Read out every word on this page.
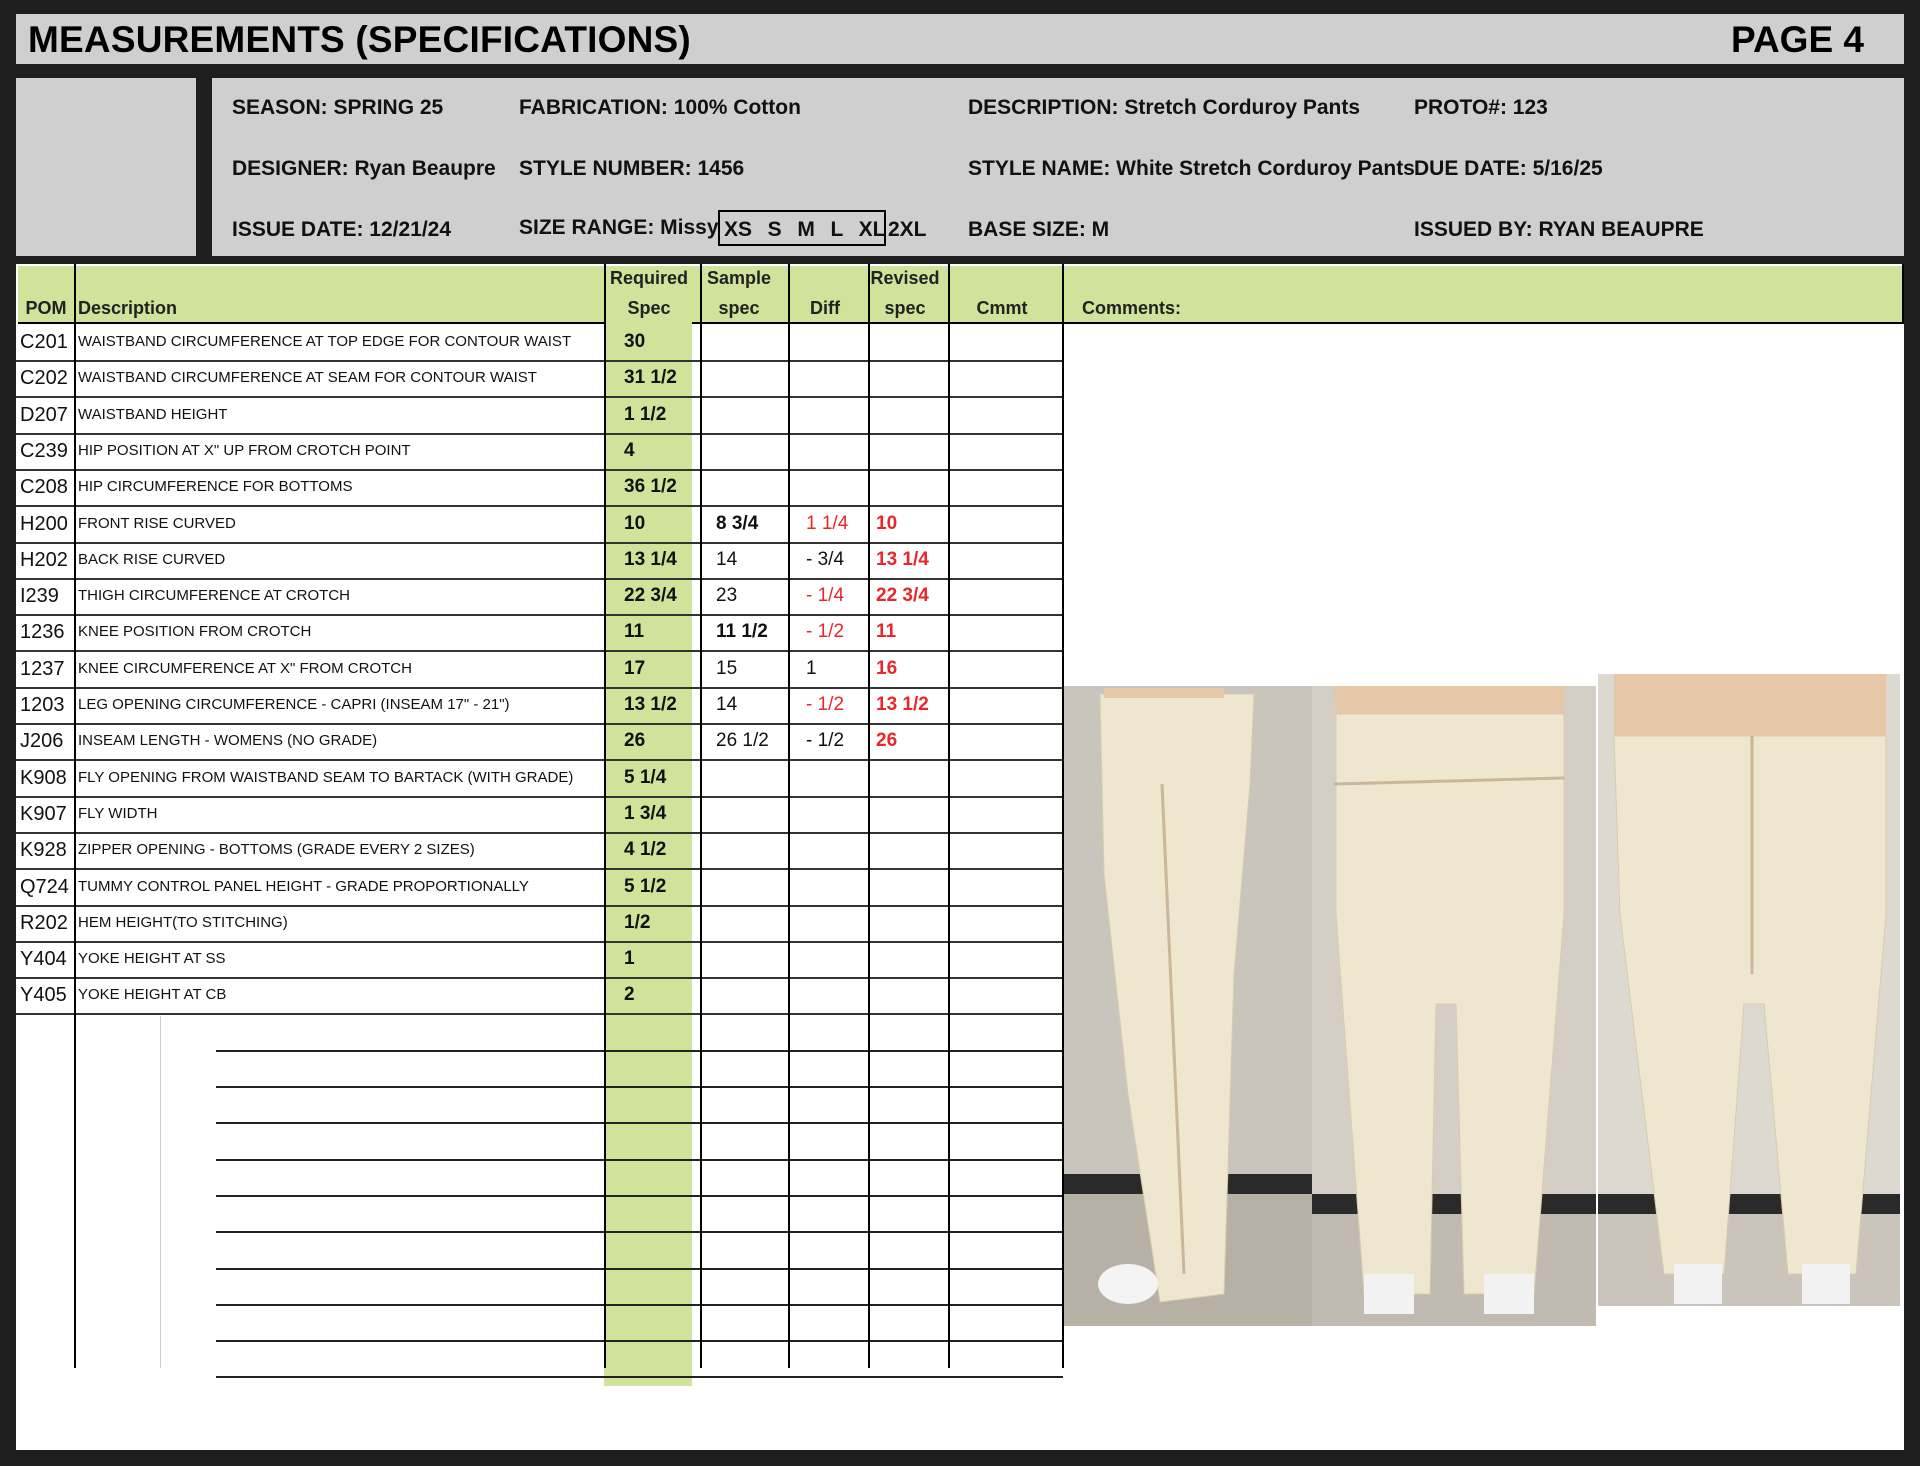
MEASUREMENTS (SPECIFICATIONS)	PAGE 4
SEASON: SPRING 25	FABRICATION: 100% Cotton	DESCRIPTION: Stretch Corduroy Pants	PROTO#: 123
DESIGNER: Ryan Beaupre STYLE NUMBER: 1456	STYLE NAME: White Stretch Corduroy Pants DUE DATE: 5/16/25
ISSUE DATE: 12/21/24	SIZE RANGE: Missy XS  S  M  L  XL 2XL BASE SIZE: M	ISSUED BY: RYAN BEAUPRE
POM Description
Required
Spec
Sample
spec	Diff
Revised
spec	Cmmt	Comments:
C201 WAISTBAND CIRCUMFERENCE AT TOP EDGE FOR CONTOUR WAIST	30
C202 WAISTBAND CIRCUMFERENCE AT SEAM FOR CONTOUR WAIST	31 1/2
D207 WAISTBAND HEIGHT	1 1/2
C239 HIP POSITION AT X" UP FROM CROTCH POINT	4
C208 HIP CIRCUMFERENCE FOR BOTTOMS	36 1/2
H200 FRONT RISE CURVED	10	8 3/4	1 1/4	10
H202 BACK RISE CURVED	13 1/4	14	- 3/4	13 1/4
I239	THIGH CIRCUMFERENCE AT CROTCH	22 3/4	23	- 1/4	22 3/4
1236 KNEE POSITION FROM CROTCH	11	11 1/2	- 1/2	11
1237 KNEE CIRCUMFERENCE AT X" FROM CROTCH	17	15	1	16
1203 LEG OPENING CIRCUMFERENCE - CAPRI (INSEAM 17" - 21")	13 1/2	14	- 1/2	13 1/2
J206 INSEAM LENGTH - WOMENS (NO GRADE)	26	26 1/2	- 1/2	26
K908 FLY OPENING FROM WAISTBAND SEAM TO BARTACK (WITH GRADE)	5 1/4
K907 FLY WIDTH	1 3/4
K928 ZIPPER OPENING - BOTTOMS (GRADE EVERY 2 SIZES)	4 1/2
Q724 TUMMY CONTROL PANEL HEIGHT - GRADE PROPORTIONALLY	5 1/2
R202 HEM HEIGHT(TO STITCHING)	1/2
Y404 YOKE HEIGHT AT SS	1
Y405 YOKE HEIGHT AT CB	2
